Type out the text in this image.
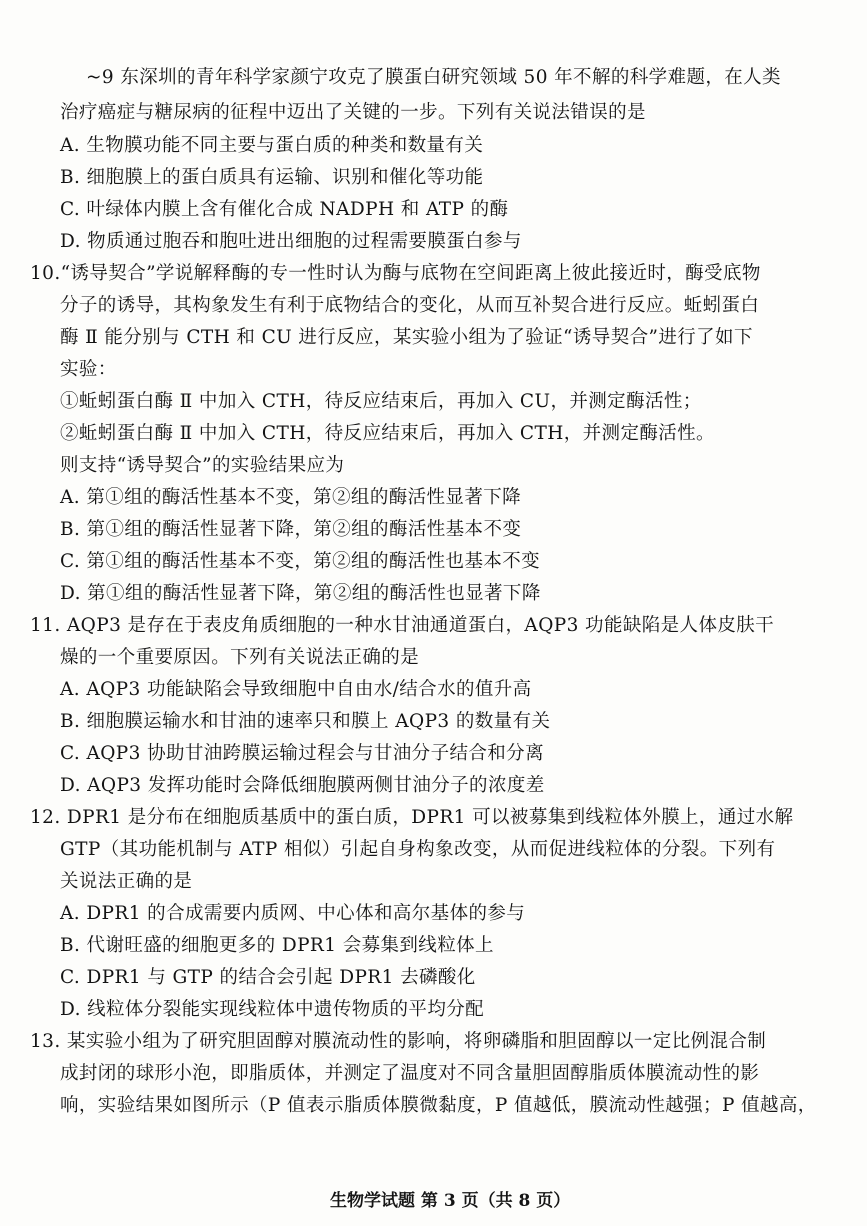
~9 东深圳的青年科学家颜宁攻克了膜蛋白研究领域 50 年不解的科学难题，在人类
治疗癌症与糖尿病的征程中迈出了关键的一步。下列有关说法错误的是
A. 生物膜功能不同主要与蛋白质的种类和数量有关
B. 细胞膜上的蛋白质具有运输、识别和催化等功能
C. 叶绿体内膜上含有催化合成 NADPH 和 ATP 的酶
D. 物质通过胞吞和胞吐进出细胞的过程需要膜蛋白参与
10.“诱导契合”学说解释酶的专一性时认为酶与底物在空间距离上彼此接近时，酶受底物
分子的诱导，其构象发生有利于底物结合的变化，从而互补契合进行反应。蚯蚓蛋白
酶 Ⅱ 能分别与 CTH 和 CU 进行反应，某实验小组为了验证“诱导契合”进行了如下
实验：
①蚯蚓蛋白酶 Ⅱ 中加入 CTH，待反应结束后，再加入 CU，并测定酶活性；
②蚯蚓蛋白酶 Ⅱ 中加入 CTH，待反应结束后，再加入 CTH，并测定酶活性。
则支持“诱导契合”的实验结果应为
A. 第①组的酶活性基本不变，第②组的酶活性显著下降
B. 第①组的酶活性显著下降，第②组的酶活性基本不变
C. 第①组的酶活性基本不变，第②组的酶活性也基本不变
D. 第①组的酶活性显著下降，第②组的酶活性也显著下降
11. AQP3 是存在于表皮角质细胞的一种水甘油通道蛋白，AQP3 功能缺陷是人体皮肤干
燥的一个重要原因。下列有关说法正确的是
A. AQP3 功能缺陷会导致细胞中自由水/结合水的值升高
B. 细胞膜运输水和甘油的速率只和膜上 AQP3 的数量有关
C. AQP3 协助甘油跨膜运输过程会与甘油分子结合和分离
D. AQP3 发挥功能时会降低细胞膜两侧甘油分子的浓度差
12. DPR1 是分布在细胞质基质中的蛋白质，DPR1 可以被募集到线粒体外膜上，通过水解
GTP（其功能机制与 ATP 相似）引起自身构象改变，从而促进线粒体的分裂。下列有
关说法正确的是
A. DPR1 的合成需要内质网、中心体和高尔基体的参与
B. 代谢旺盛的细胞更多的 DPR1 会募集到线粒体上
C. DPR1 与 GTP 的结合会引起 DPR1 去磷酸化
D. 线粒体分裂能实现线粒体中遗传物质的平均分配
13. 某实验小组为了研究胆固醇对膜流动性的影响，将卵磷脂和胆固醇以一定比例混合制
成封闭的球形小泡，即脂质体，并测定了温度对不同含量胆固醇脂质体膜流动性的影
响，实验结果如图所示（P 值表示脂质体膜微黏度，P 值越低，膜流动性越强；P 值越高，
生物学试题 第 3 页（共 8 页）
